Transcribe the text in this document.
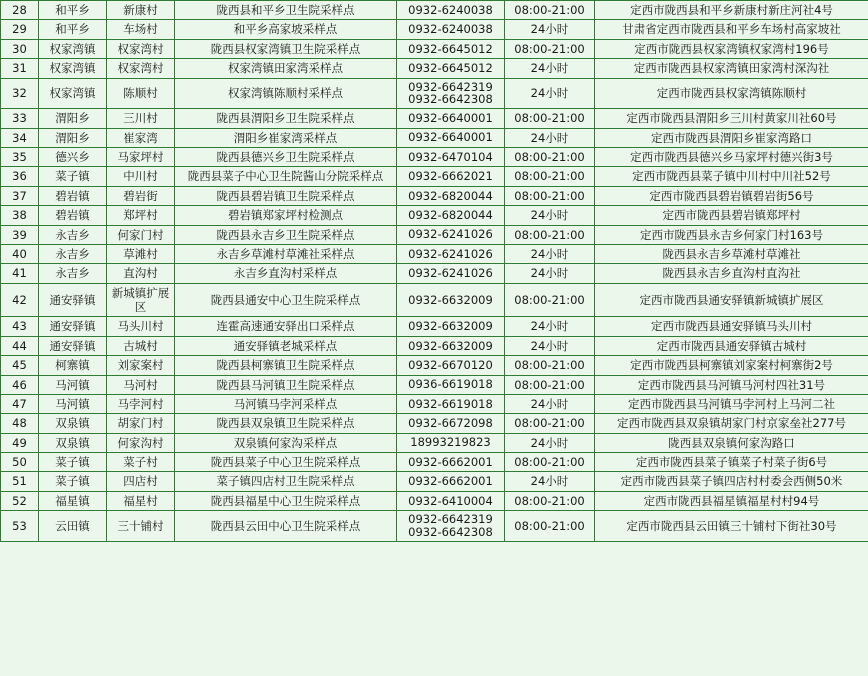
28	和平乡	新康村	陇西县和平乡卫生院采样点	0932-6240038	08:00-21:00	定西市陇西县和平乡新康村新庄河社4号
29	和平乡	车场村	和平乡高家坡采样点	0932-6240038	24小时	甘肃省定西市陇西县和平乡车场村高家坡社
30	权家湾镇	权家湾村	陇西县权家湾镇卫生院采样点	0932-6645012	08:00-21:00	定西市陇西县权家湾镇权家湾村196号
31	权家湾镇	权家湾村	权家湾镇田家湾采样点	0932-6645012	24小时	定西市陇西县权家湾镇田家湾村深沟社
32	权家湾镇	陈顺村	权家湾镇陈顺村采样点	0932-6642319
0932-6642308	24小时	定西市陇西县权家湾镇陈顺村
33	渭阳乡	三川村	陇西县渭阳乡卫生院采样点	0932-6640001	08:00-21:00	定西市陇西县渭阳乡三川村黄家川社60号
34	渭阳乡	崔家湾	渭阳乡崔家湾采样点	0932-6640001	24小时	定西市陇西县渭阳乡崔家湾路口
35	德兴乡	马家坪村	陇西县德兴乡卫生院采样点	0932-6470104	08:00-21:00	定西市陇西县德兴乡马家坪村德兴街3号
36	菜子镇	中川村	陇西县菜子中心卫生院酱山分院采样点	0932-6662021	08:00-21:00	定西市陇西县菜子镇中川村中川社52号
37	碧岩镇	碧岩街	陇西县碧岩镇卫生院采样点	0932-6820044	08:00-21:00	定西市陇西县碧岩镇碧岩街56号
38	碧岩镇	郑坪村	碧岩镇郑家坪村检测点	0932-6820044	24小时	定西市陇西县碧岩镇郑坪村
39	永吉乡	何家门村	陇西县永吉乡卫生院采样点	0932-6241026	08:00-21:00	定西市陇西县永吉乡何家门村163号
40	永吉乡	草滩村	永吉乡草滩村草滩社采样点	0932-6241026	24小时	陇西县永吉乡草滩村草滩社
41	永吉乡	直沟村	永吉乡直沟村采样点	0932-6241026	24小时	陇西县永吉乡直沟村直沟社
42	通安驿镇	新城镇扩展区	陇西县通安中心卫生院采样点	0932-6632009	08:00-21:00	定西市陇西县通安驿镇新城镇扩展区
43	通安驿镇	马头川村	连霍高速通安驿出口采样点	0932-6632009	24小时	定西市陇西县通安驿镇马头川村
44	通安驿镇	古城村	通安驿镇老城采样点	0932-6632009	24小时	定西市陇西县通安驿镇古城村
45	柯寨镇	刘家案村	陇西县柯寨镇卫生院采样点	0932-6670120	08:00-21:00	定西市陇西县柯寨镇刘家案村柯寨街2号
46	马河镇	马河村	陇西县马河镇卫生院采样点	0936-6619018	08:00-21:00	定西市陇西县马河镇马河村四社31号
47	马河镇	马孛河村	马河镇马孛河采样点	0932-6619018	24小时	定西市陇西县马河镇马孛河村上马河二社
48	双泉镇	胡家门村	陇西县双泉镇卫生院采样点	0932-6672098	08:00-21:00	定西市陇西县双泉镇胡家门村京家垒社277号
49	双泉镇	何家沟村	双泉镇何家沟采样点	18993219823	24小时	陇西县双泉镇何家沟路口
50	菜子镇	菜子村	陇西县菜子中心卫生院采样点	0932-6662001	08:00-21:00	定西市陇西县菜子镇菜子村菜子街6号
51	菜子镇	四店村	菜子镇四店村卫生院采样点	0932-6662001	24小时	定西市陇西县菜子镇四店村村委会西侧50米
52	福星镇	福星村	陇西县福星中心卫生院采样点	0932-6410004	08:00-21:00	定西市陇西县福星镇福星村村94号
53	云田镇	三十铺村	陇西县云田中心卫生院采样点	0932-6642319
0932-6642308	08:00-21:00	定西市陇西县云田镇三十铺村下街社30号
